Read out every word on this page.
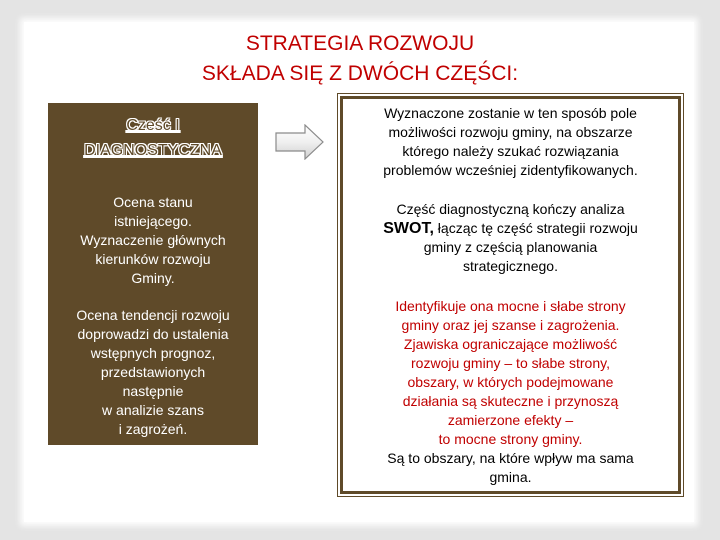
STRATEGIA ROZWOJU
SKŁADA SIĘ Z DWÓCH CZĘŚCI:
Cześć I
DIAGNOSTYCZNA
Ocena stanu
istniejącego.
Wyznaczenie głównych
kierunków rozwoju
Gminy.
Ocena tendencji rozwoju
doprowadzi do ustalenia
wstępnych prognoz,
przedstawionych
następnie
w analizie szans
i zagrożeń.
Wyznaczone zostanie w ten sposób pole
możliwości rozwoju gminy, na obszarze
którego należy szukać rozwiązania
problemów wcześniej zidentyfikowanych.
Część diagnostyczną kończy analiza
SWOT, łącząc tę część strategii rozwoju
gminy z częścią planowania
strategicznego.
Identyfikuje ona mocne i słabe strony
gminy oraz jej szanse i zagrożenia.
Zjawiska ograniczające możliwość
rozwoju gminy – to słabe strony,
obszary, w których podejmowane
działania są skuteczne i przynoszą
zamierzone efekty –
to mocne strony gminy.
Są to obszary, na które wpływ ma sama
gmina.
